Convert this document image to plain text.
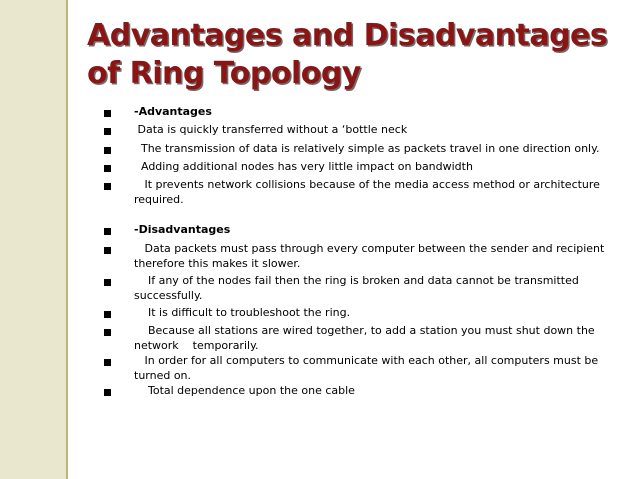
Advantages and Disadvantages
of Ring Topology
-Advantages
Data is quickly transferred without a ‘bottle neck
The transmission of data is relatively simple as packets travel in one direction only.
Adding additional nodes has very little impact on bandwidth
It prevents network collisions because of the media access method or architecture
required.
-Disadvantages
Data packets must pass through every computer between the sender and recipient
therefore this makes it slower.
If any of the nodes fail then the ring is broken and data cannot be transmitted
successfully.
It is difficult to troubleshoot the ring.
Because all stations are wired together, to add a station you must shut down the
network    temporarily.
In order for all computers to communicate with each other, all computers must be
turned on.
Total dependence upon the one cable
